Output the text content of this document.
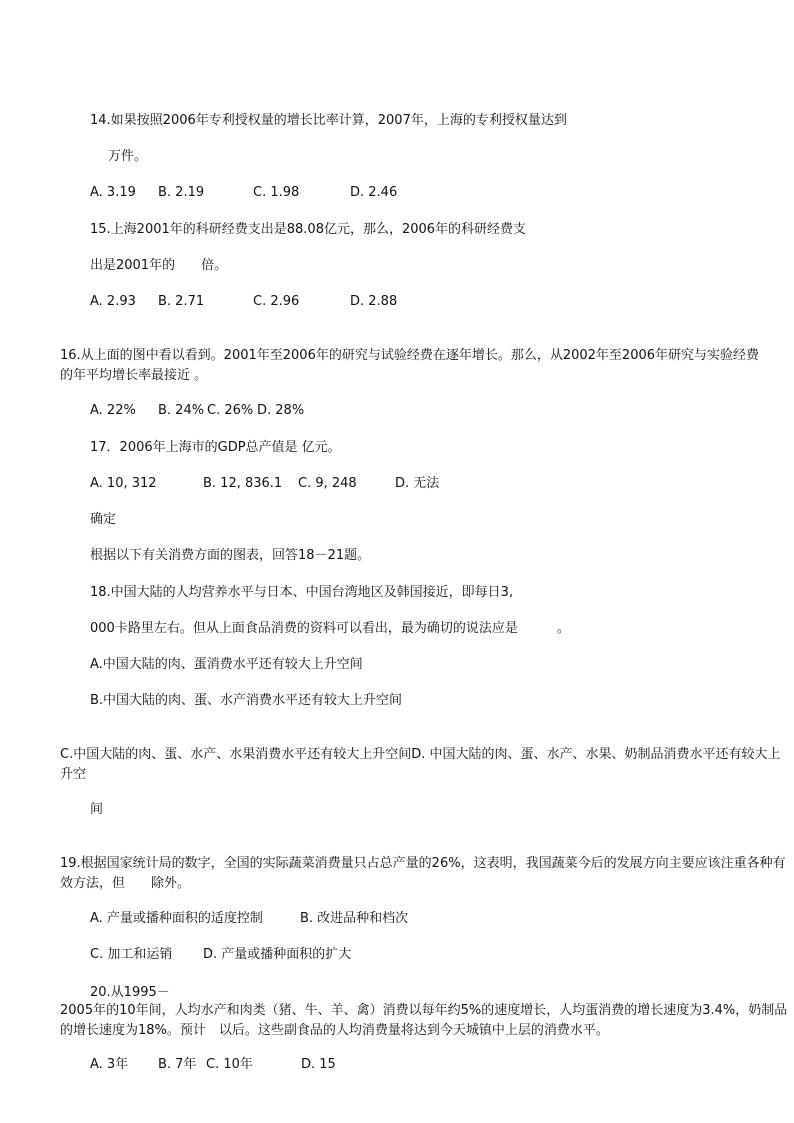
14.如果按照2006年专利授权量的增长比率计算，2007年，上海的专利授权量达到
万件。
A. 3.19 B. 2.19	C. 1.98	D. 2.46
15.上海2001年的科研经费支出是88.08亿元，那么，2006年的科研经费支
出是2001年的　　倍。
A. 2.93 B. 2.71	C. 2.96	D. 2.88
16.从上面的图中看以看到。2001年至2006年的研究与试验经费在逐年增长。那么，从2002年至2006年研究与实验经费的年平均增长率最接近 。
A. 22% B. 24% C. 26% D. 28%
17．2006年上海市的GDP总产值是 亿元。
A. 10, 312	B. 12, 836.1 C. 9, 248	D. 无法
确定
根据以下有关消费方面的图表，回答18－21题。
18.中国大陆的人均营养水平与日本、中国台湾地区及韩国接近，即每日3,
000卡路里左右。但从上面食品消费的资料可以看出，最为确切的说法应是　　　。
A.中国大陆的肉、蛋消费水平还有较大上升空间
B.中国大陆的肉、蛋、水产消费水平还有较大上升空间
C.中国大陆的肉、蛋、水产、水果消费水平还有较大上升空间D. 中国大陆的肉、蛋、水产、水果、奶制品消费水平还有较大上升空
间
19.根据国家统计局的数字，全国的实际蔬菜消费量只占总产量的26%，这表明，我国蔬菜今后的发展方向主要应该注重各种有效方法，但　　除外。
A. 产量或播种面积的适度控制	B. 改进品种和档次
C. 加工和运销 D. 产量或播种面积的扩大
20.从1995－
2005年的10年间，人均水产和肉类（猪、牛、羊、禽）消费以每年约5%的速度增长，人均蛋消费的增长速度为3.4%，奶制品的增长速度为18%。预计　以后。这些副食品的人均消费量将达到今天城镇中上层的消费水平。
A. 3年 B. 7年 C. 10年	D. 15
